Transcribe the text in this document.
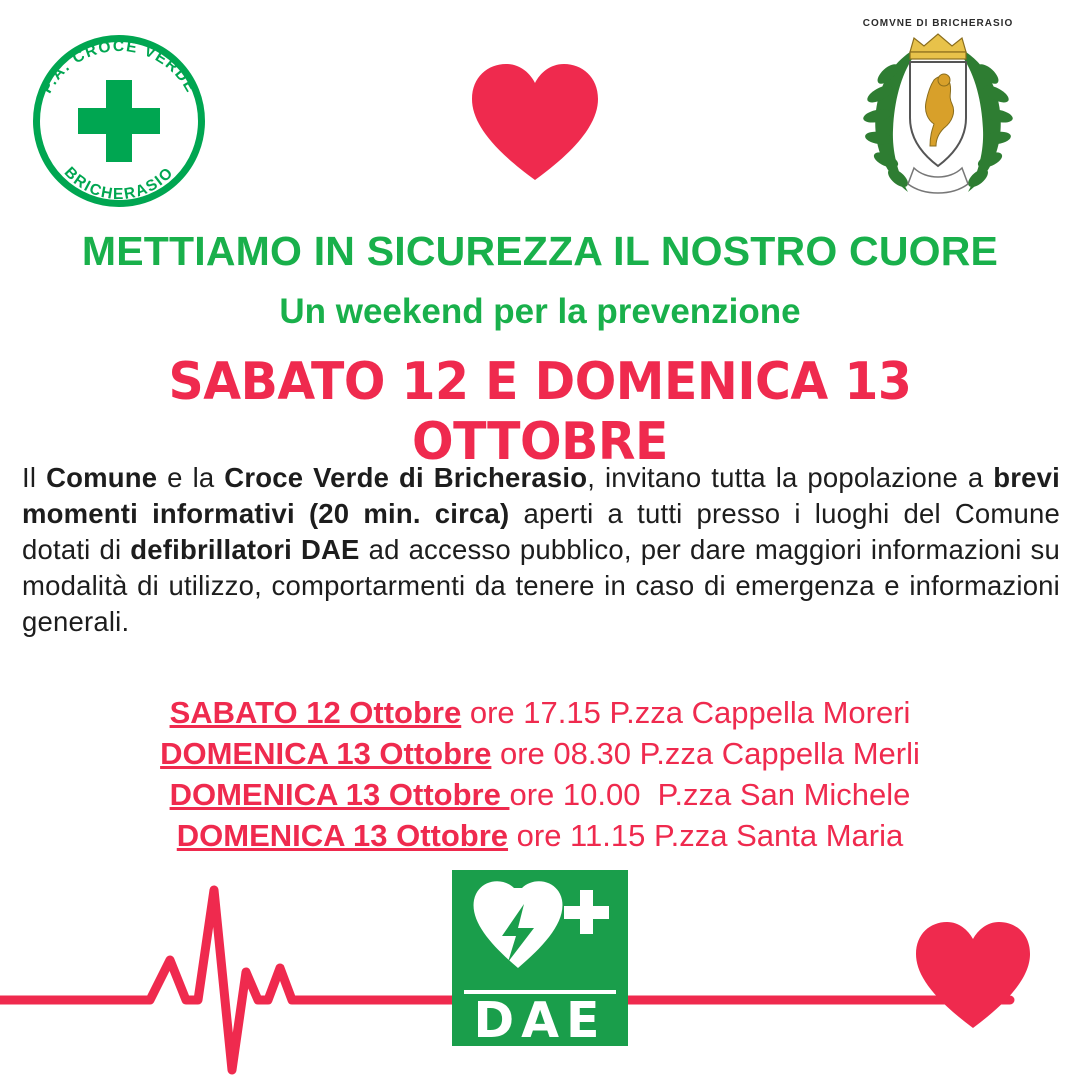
P.A. CROCE VERDE
BRICHERASIO
COMVNE DI BRICHERASIO
METTIAMO IN SICUREZZA IL NOSTRO CUORE
Un weekend per la prevenzione
SABATO 12 E DOMENICA 13 OTTOBRE
Il Comune e la Croce Verde di Bricherasio, invitano tutta la popolazione a brevi momenti informativi (20 min. circa) aperti a tutti presso i luoghi del Comune dotati di defibrillatori DAE ad accesso pubblico, per dare maggiori informazioni su modalità di utilizzo, comportarmenti da tenere in caso di emergenza e informazioni generali.
SABATO 12 Ottobre ore 17.15 P.zza Cappella Moreri
DOMENICA 13 Ottobre ore 08.30 P.zza Cappella Merli
DOMENICA 13 Ottobre ore 10.00  P.zza San Michele
DOMENICA 13 Ottobre ore 11.15 P.zza Santa Maria
DAE
